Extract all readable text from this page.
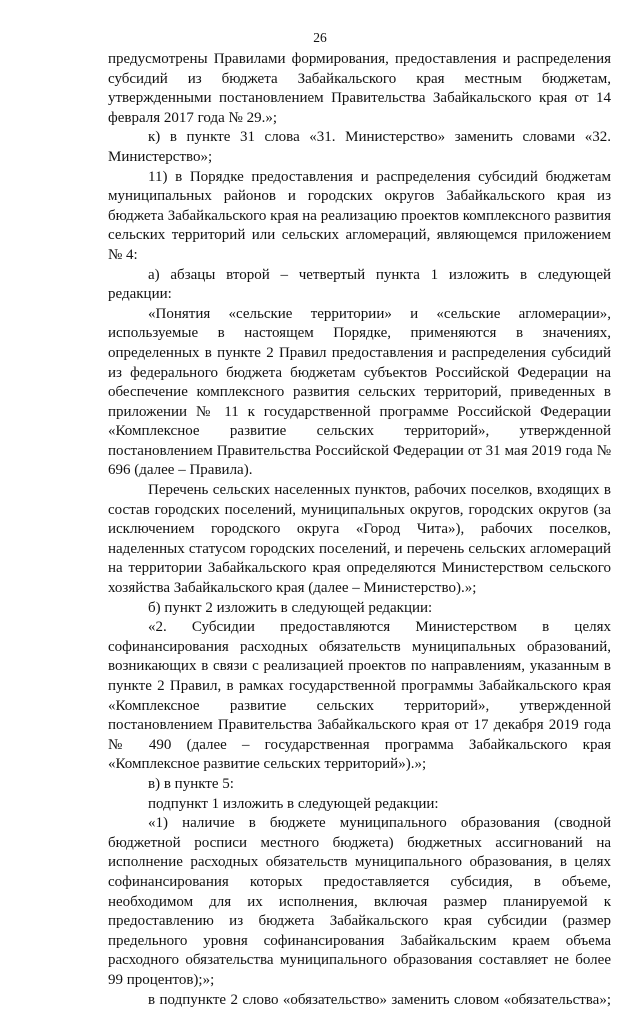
26

предусмотрены Правилами формирования, предоставления и распределения субсидий из бюджета Забайкальского края местным бюджетам, утвержденными постановлением Правительства Забайкальского края от 14 февраля 2017 года № 29.»;

к) в пункте 31 слова «31. Министерство» заменить словами «32. Министерство»;

11) в Порядке предоставления и распределения субсидий бюджетам муниципальных районов и городских округов Забайкальского края из бюджета Забайкальского края на реализацию проектов комплексного развития сельских территорий или сельских агломераций, являющемся приложением № 4:

а) абзацы второй – четвертый пункта 1 изложить в следующей редакции:

«Понятия «сельские территории» и «сельские агломерации», используемые в настоящем Порядке, применяются в значениях, определенных в пункте 2 Правил предоставления и распределения субсидий из федерального бюджета бюджетам субъектов Российской Федерации на обеспечение комплексного развития сельских территорий, приведенных в приложении № 11 к государственной программе Российской Федерации «Комплексное развитие сельских территорий», утвержденной постановлением Правительства Российской Федерации от 31 мая 2019 года № 696 (далее – Правила).

Перечень сельских населенных пунктов, рабочих поселков, входящих в состав городских поселений, муниципальных округов, городских округов (за исключением городского округа «Город Чита»), рабочих поселков, наделенных статусом городских поселений, и перечень сельских агломераций на территории Забайкальского края определяются Министерством сельского хозяйства Забайкальского края (далее – Министерство).»;

б) пункт 2 изложить в следующей редакции:

«2. Субсидии предоставляются Министерством в целях софинансирования расходных обязательств муниципальных образований, возникающих в связи с реализацией проектов по направлениям, указанным в пункте 2 Правил, в рамках государственной программы Забайкальского края «Комплексное развитие сельских территорий», утвержденной постановлением Правительства Забайкальского края от 17 декабря 2019 года № 490 (далее – государственная программа Забайкальского края «Комплексное развитие сельских территорий»).»;

в) в пункте 5:

подпункт 1 изложить в следующей редакции:

«1) наличие в бюджете муниципального образования (сводной бюджетной росписи местного бюджета) бюджетных ассигнований на исполнение расходных обязательств муниципального образования, в целях софинансирования которых предоставляется субсидия, в объеме, необходимом для их исполнения, включая размер планируемой к предоставлению из бюджета Забайкальского края субсидии (размер предельного уровня софинансирования Забайкальским краем объема расходного обязательства муниципального образования составляет не более 99 процентов);»;

в подпункте 2 слово «обязательство» заменить словом «обязательства»;
